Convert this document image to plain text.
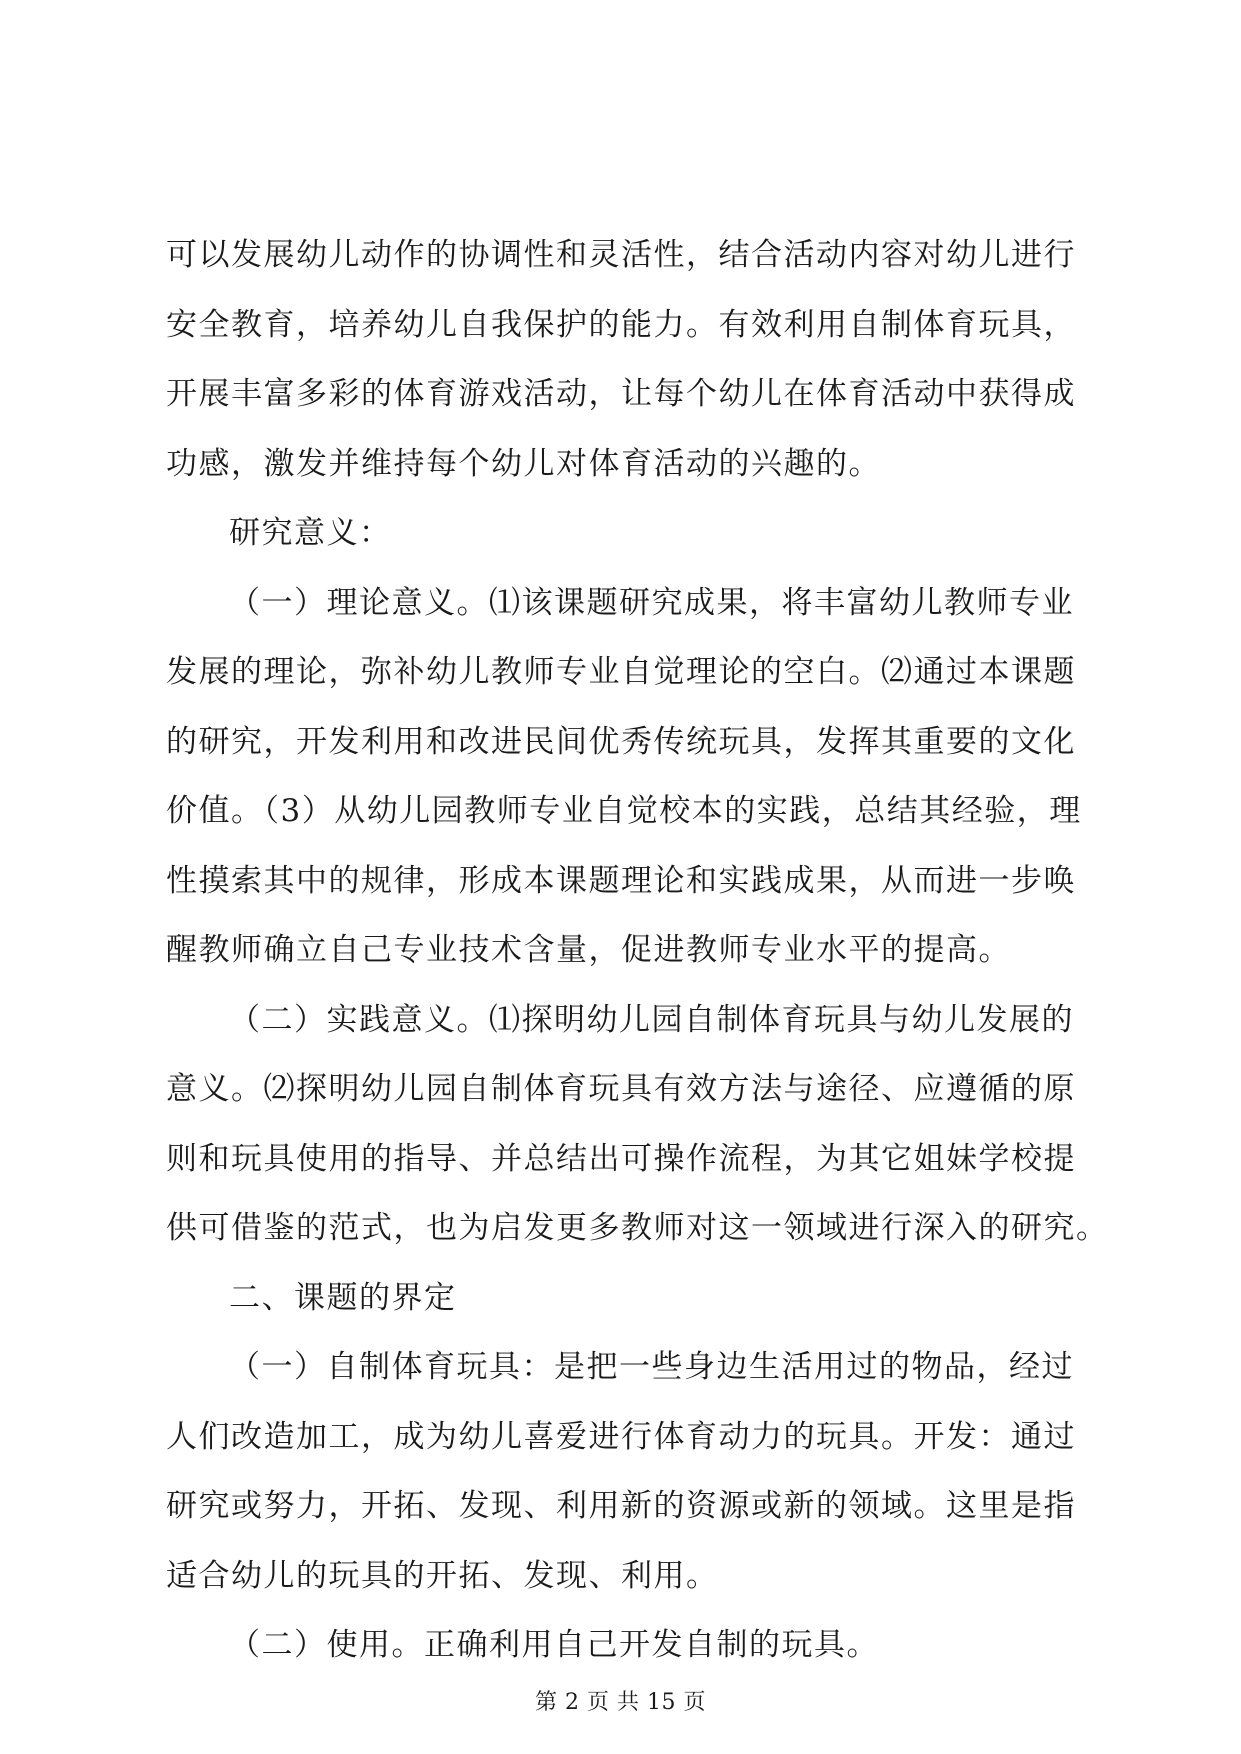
可以发展幼儿动作的协调性和灵活性，结合活动内容对幼儿进行
安全教育，培养幼儿自我保护的能力。有效利用自制体育玩具，
开展丰富多彩的体育游戏活动，让每个幼儿在体育活动中获得成
功感，激发并维持每个幼儿对体育活动的兴趣的。
研究意义：
（一）理论意义。⑴该课题研究成果，将丰富幼儿教师专业
发展的理论，弥补幼儿教师专业自觉理论的空白。⑵通过本课题
的研究，开发利用和改进民间优秀传统玩具，发挥其重要的文化
价值。（3）从幼儿园教师专业自觉校本的实践，总结其经验，理
性摸索其中的规律，形成本课题理论和实践成果，从而进一步唤
醒教师确立自己专业技术含量，促进教师专业水平的提高。
（二）实践意义。⑴探明幼儿园自制体育玩具与幼儿发展的
意义。⑵探明幼儿园自制体育玩具有效方法与途径、应遵循的原
则和玩具使用的指导、并总结出可操作流程，为其它姐妹学校提
供可借鉴的范式，也为启发更多教师对这一领域进行深入的研究。
二、课题的界定
（一）自制体育玩具：是把一些身边生活用过的物品，经过
人们改造加工，成为幼儿喜爱进行体育动力的玩具。开发：通过
研究或努力，开拓、发现、利用新的资源或新的领域。这里是指
适合幼儿的玩具的开拓、发现、利用。
（二）使用。正确利用自己开发自制的玩具。
第 2 页 共 15 页
